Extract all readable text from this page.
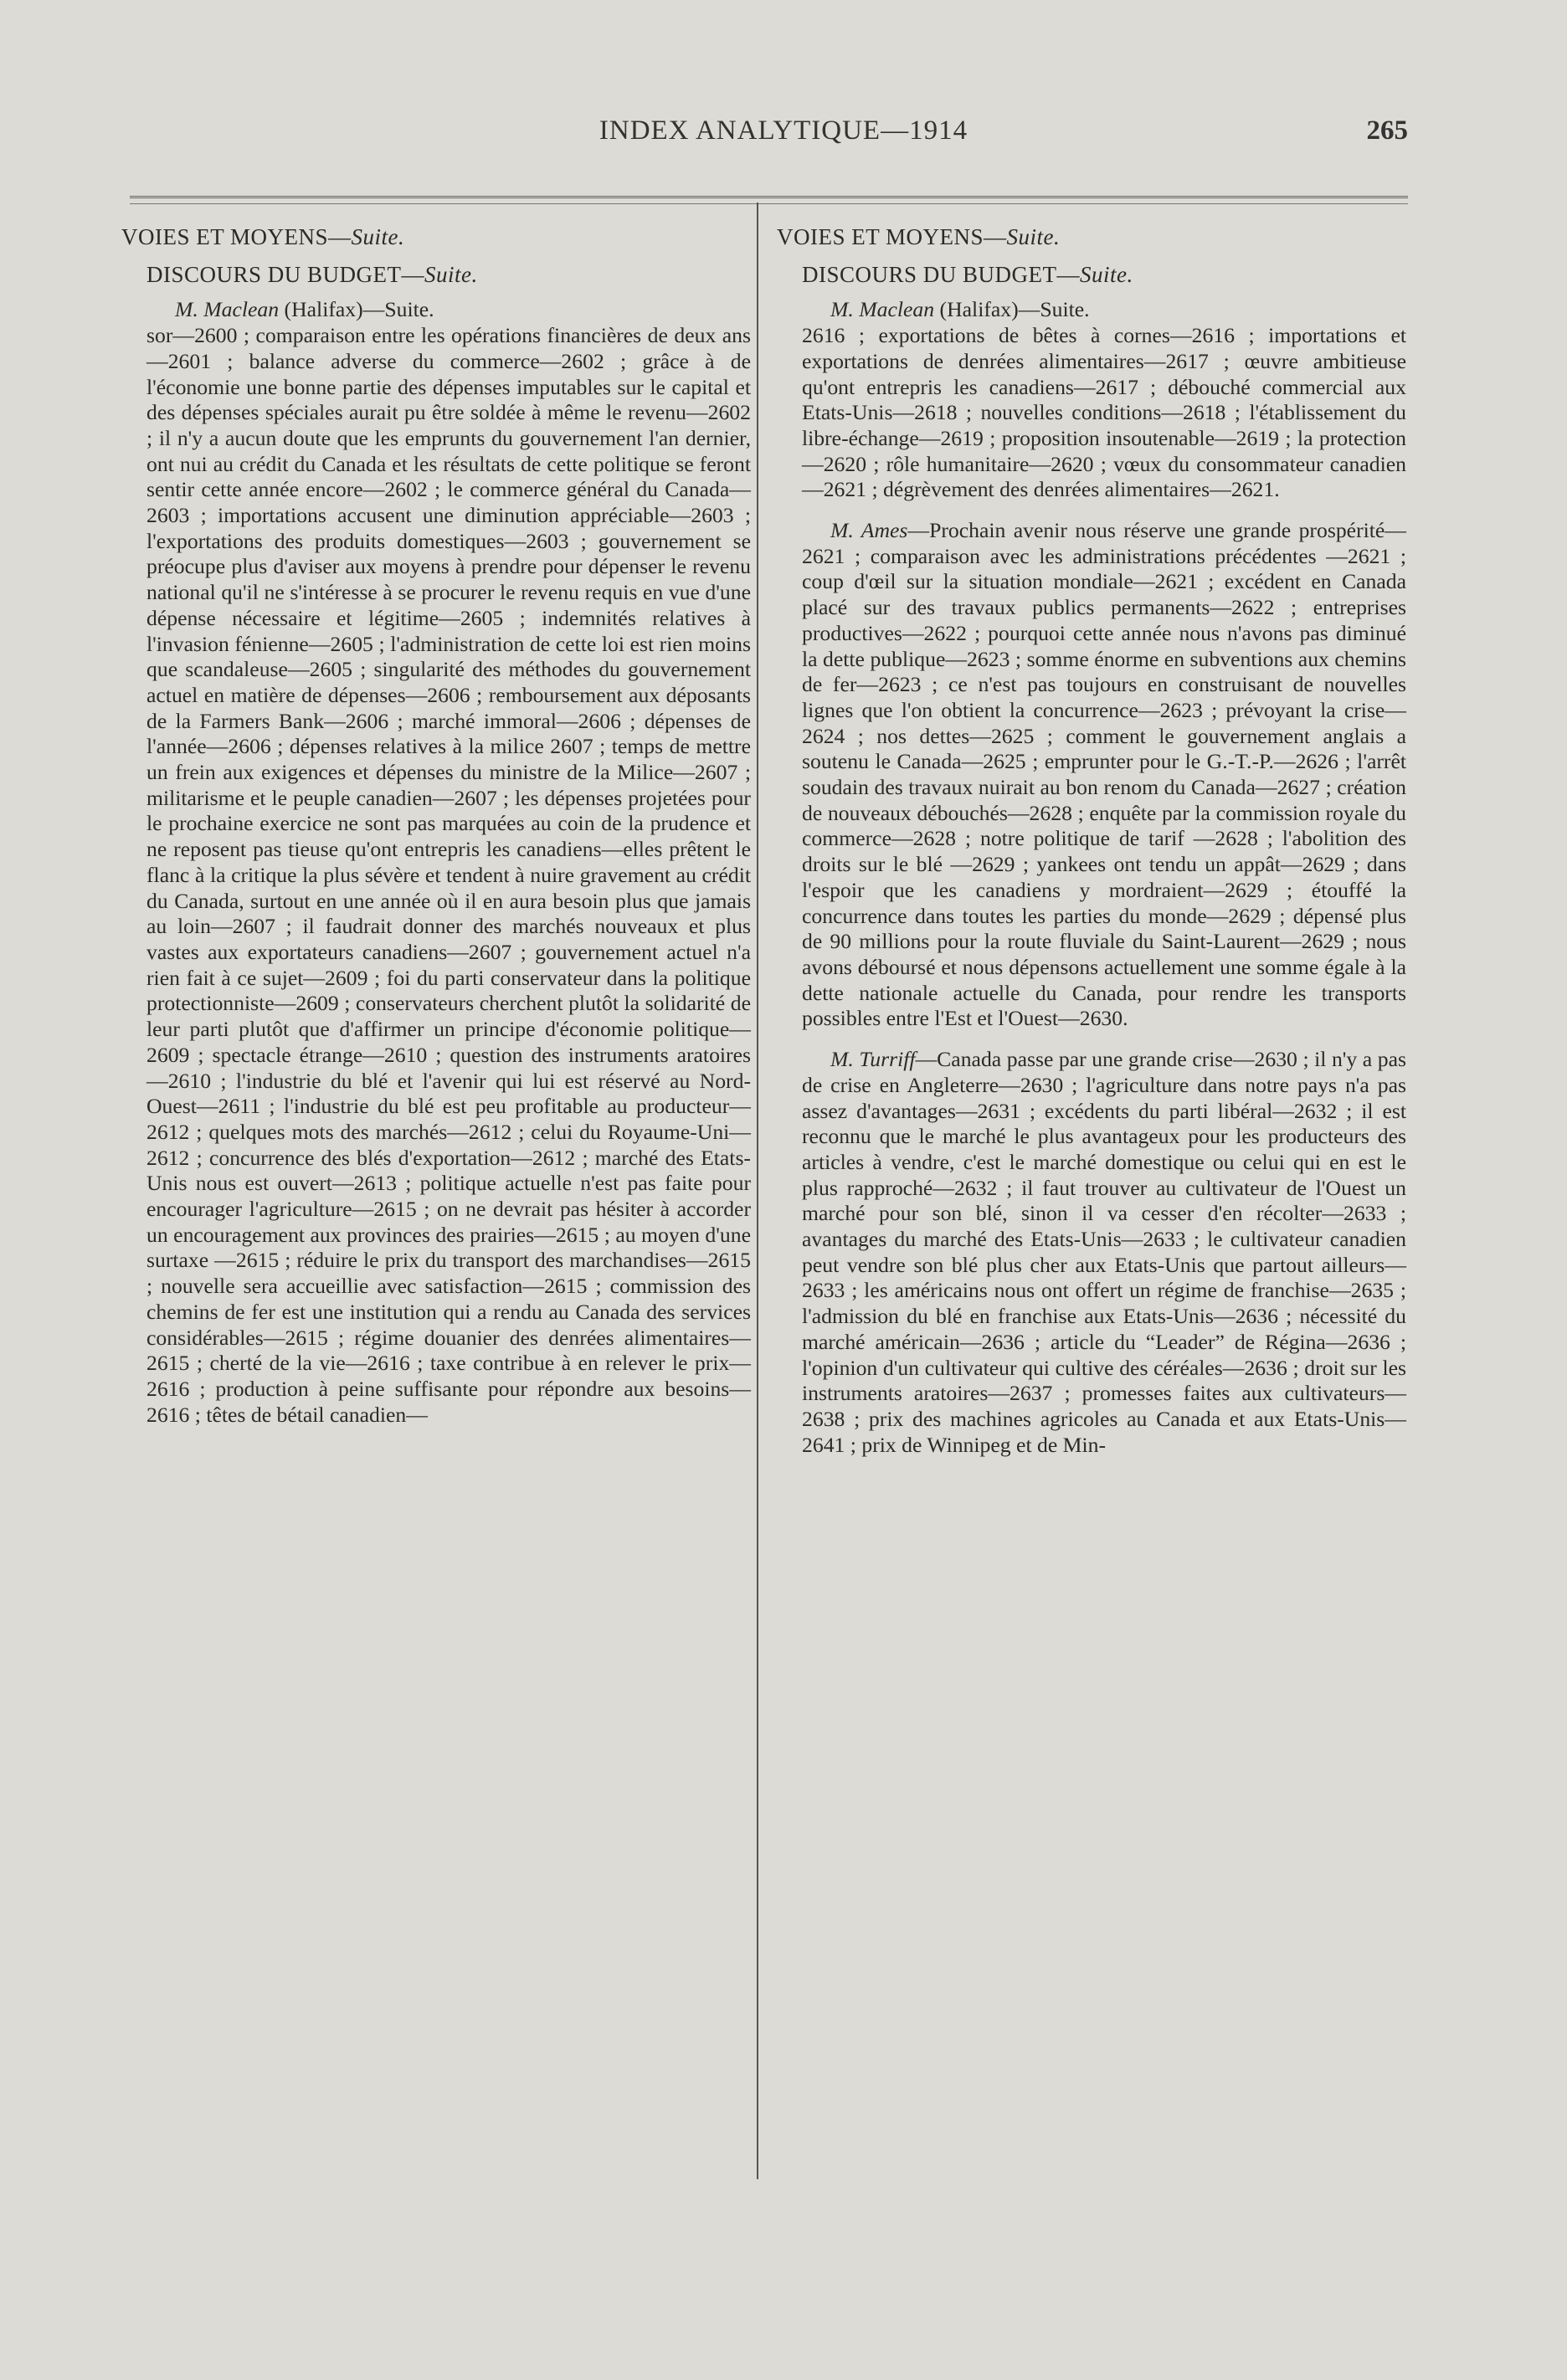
INDEX ANALYTIQUE—1914	265
VOIES ET MOYENS—Suite.
DISCOURS DU BUDGET—Suite.

M. Maclean (Halifax)—Suite.

sor—2600 ; comparaison entre les opérations financières de deux ans—2601 ; balance adverse du commerce—2602 ; grâce à de l'économie une bonne partie des dépenses imputables sur le capital et des dépenses spéciales aurait pu être soldée à même le revenu—2602 ; il n'y a aucun doute que les emprunts du gouvernement l'an dernier, ont nui au crédit du Canada et les résultats de cette politique se feront sentir cette année encore—2602 ; le commerce général du Canada—2603 ; importations accusent une diminution appréciable—2603 ; l'exportations des produits domestiques—2603 ; gouvernement se préocupe plus d'aviser aux moyens à prendre pour dépenser le revenu national qu'il ne s'intéresse à se procurer le revenu requis en vue d'une dépense nécessaire et légitime—2605 ; indemnités relatives à l'invasion fénienne—2605 ; l'administration de cette loi est rien moins que scandaleuse—2605 ; singularité des méthodes du gouvernement actuel en matière de dépenses—2606 ; remboursement aux déposants de la Farmers Bank—2606 ; marché immoral—2606 ; dépenses de l'année—2606 ; dépenses relatives à la milice 2607 ; temps de mettre un frein aux exigences et dépenses du ministre de la Milice—2607 ; militarisme et le peuple canadien—2607 ; les dépenses projetées pour le prochaine exercice ne sont pas marquées au coin de la prudence et ne reposent pas tieuse qu'ont entrepris les canadiens—elles prêtent le flanc à la critique la plus sévère et tendent à nuire gravement au crédit du Canada, surtout en une année où il en aura besoin plus que jamais au loin—2607 ; il faudrait donner des marchés nouveaux et plus vastes aux exportateurs canadiens—2607 ; gouvernement actuel n'a rien fait à ce sujet—2609 ; foi du parti conservateur dans la politique protectionniste—2609 ; conservateurs cherchent plutôt la solidarité de leur parti plutôt que d'affirmer un principe d'économie politique—2609 ; spectacle étrange—2610 ; question des instruments aratoires —2610 ; l'industrie du blé et l'avenir qui lui est réservé au Nord-Ouest—2611 ; l'industrie du blé est peu profitable au producteur—2612 ; quelques mots des marchés—2612 ; celui du Royaume-Uni—2612 ; concurrence des blés d'exportation—2612 ; marché des Etats-Unis nous est ouvert—2613 ; politique actuelle n'est pas faite pour encourager l'agriculture—2615 ; on ne devrait pas hésiter à accorder un encouragement aux provinces des prairies—2615 ; au moyen d'une surtaxe —2615 ; réduire le prix du transport des marchandises—2615 ; nouvelle sera accueillie avec satisfaction—2615 ; commission des chemins de fer est une institution qui a rendu au Canada des services considérables—2615 ; régime douanier des denrées alimentaires—2615 ; cherté de la vie—2616 ; taxe contribue à en relever le prix—2616 ; production à peine suffisante pour répondre aux besoins—2616 ; têtes de bétail canadien—

VOIES ET MOYENS—Suite.
DISCOURS DU BUDGET—Suite.

M. Maclean (Halifax)—Suite.

2616 ; exportations de bêtes à cornes—2616 ; importations et exportations de denrées alimentaires—2617 ; œuvre ambitieuse qu'ont entrepris les canadiens—2617 ; débouché commercial aux Etats-Unis—2618 ; nouvelles conditions—2618 ; l'établissement du libre-échange—2619 ; proposition insoutenable—2619 ; la protection—2620 ; rôle humanitaire—2620 ; vœux du consommateur canadien—2621 ; dégrèvement des denrées alimentaires—2621.

M. Ames—Prochain avenir nous réserve une grande prospérité—2621 ; comparaison avec les administrations précédentes —2621 ; coup d'œil sur la situation mondiale—2621 ; excédent en Canada placé sur des travaux publics permanents—2622 ; entreprises productives—2622 ; pourquoi cette année nous n'avons pas diminué la dette publique—2623 ; somme énorme en subventions aux chemins de fer—2623 ; ce n'est pas toujours en construisant de nouvelles lignes que l'on obtient la concurrence—2623 ; prévoyant la crise—2624 ; nos dettes—2625 ; comment le gouvernement anglais a soutenu le Canada—2625 ; emprunter pour le G.-T.-P.—2626 ; l'arrêt soudain des travaux nuirait au bon renom du Canada—2627 ; création de nouveaux débouchés—2628 ; enquête par la commission royale du commerce—2628 ; notre politique de tarif —2628 ; l'abolition des droits sur le blé —2629 ; yankees ont tendu un appât—2629 ; dans l'espoir que les canadiens y mordraient—2629 ; étouffé la concurrence dans toutes les parties du monde—2629 ; dépensé plus de 90 millions pour la route fluviale du Saint-Laurent—2629 ; nous avons déboursé et nous dépensons actuellement une somme égale à la dette nationale actuelle du Canada, pour rendre les transports possibles entre l'Est et l'Ouest—2630.

M. Turriff—Canada passe par une grande crise—2630 ; il n'y a pas de crise en Angleterre—2630 ; l'agriculture dans notre pays n'a pas assez d'avantages—2631 ; excédents du parti libéral—2632 ; il est reconnu que le marché le plus avantageux pour les producteurs des articles à vendre, c'est le marché domestique ou celui qui en est le plus rapproché—2632 ; il faut trouver au cultivateur de l'Ouest un marché pour son blé, sinon il va cesser d'en récolter—2633 ; avantages du marché des Etats-Unis—2633 ; le cultivateur canadien peut vendre son blé plus cher aux Etats-Unis que partout ailleurs—2633 ; les américains nous ont offert un régime de franchise—2635 ; l'admission du blé en franchise aux Etats-Unis—2636 ; nécessité du marché américain—2636 ; article du “Leader” de Régina—2636 ; l'opinion d'un cultivateur qui cultive des céréales—2636 ; droit sur les instruments aratoires—2637 ; promesses faites aux cultivateurs—2638 ; prix des machines agricoles au Canada et aux Etats-Unis—2641 ; prix de Winnipeg et de Min-
